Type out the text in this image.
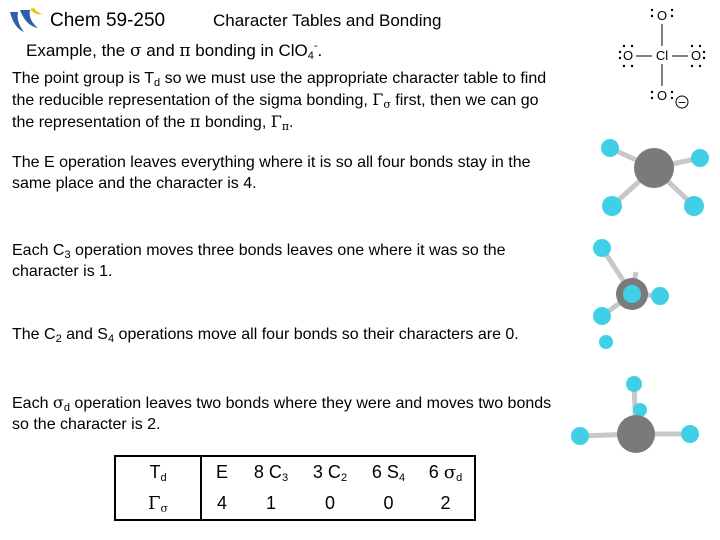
Chem 59-250	Character Tables and Bonding
Example, the σ and π bonding in ClO$_4$-.
The point group is $T_d$ so we must use the appropriate character table to find
the reducible representation of the sigma bonding, $\Gamma_\sigma$ first, then we can go
the representation of the π bonding, $\Gamma_\pi$.
The E operation leaves everything where it is so all four bonds stay in the
same place and the character is 4.
Each $C_3$ operation moves three bonds leaves one where it was so the
character is 1.
The $C_2$ and $S_4$ operations move all four bonds so their characters are 0.
Each $\sigma_d$ operation leaves two bonds where they were and moves two bonds
so the character is 2.
$T_d$	E	8 $C_3$	3 $C_2$	6 $S_4$	6 $\sigma_d$
$\Gamma_\sigma$	4	1	0	0	2
O
O Cl O
O −
